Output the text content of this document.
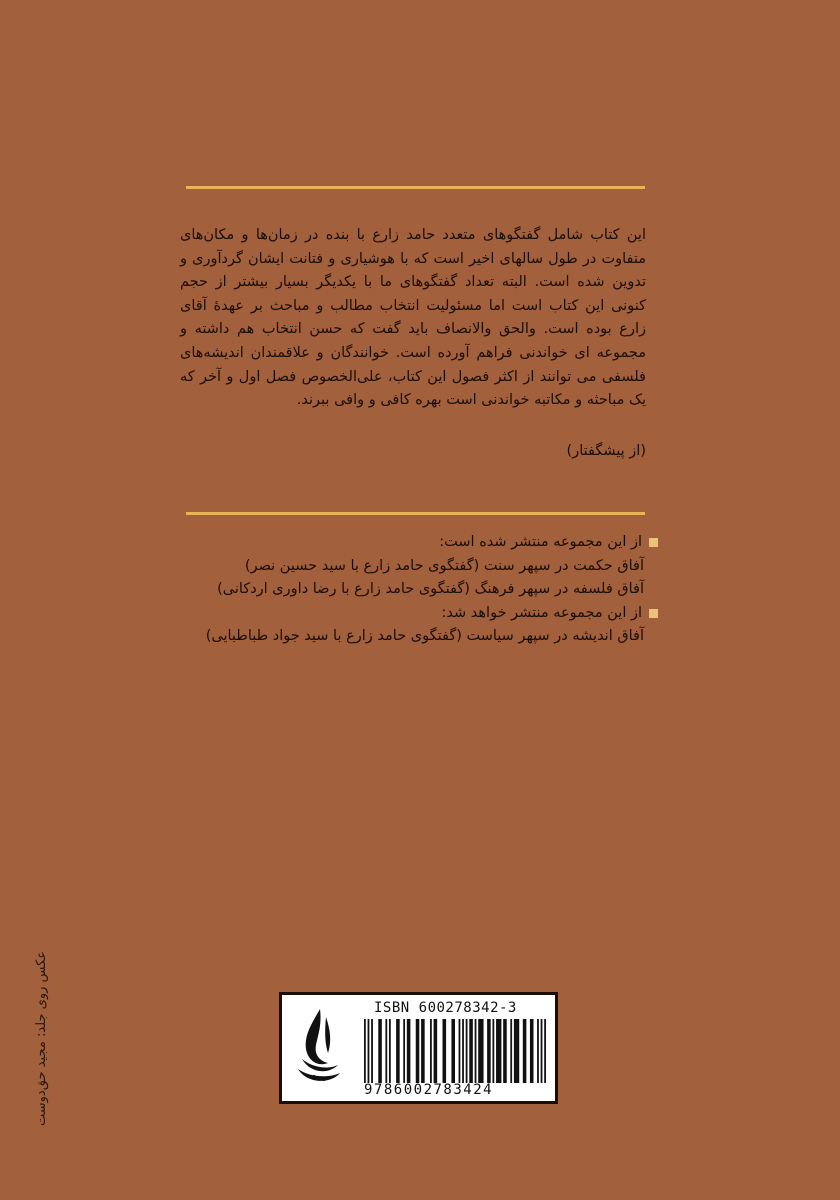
این کتاب شامل گفتگوهای متعدد حامد زارع با بنده در زمان‌ها و مکان‌های متفاوت در طول سالهای اخیر است که با هوشیاری و فتانت ایشان گردآوری و تدوین شده است. البته تعداد گفتگوهای ما با یکدیگر بسیار بیشتر از حجم کنونی این کتاب است اما مسئولیت انتخاب مطالب و مباحث بر عهدهٔ آقای زارع بوده است. والحق والانصاف باید گفت که حسن انتخاب هم داشته و مجموعه ای خواندنی فراهم آورده است. خوانندگان و علاقمندان اندیشه‌های فلسفی می توانند از اکثر فصول این کتاب، علی‌الخصوص فصل اول و آخر که یک مباحثه و مکاتبه خواندنی است بهره کافی و وافی ببرند.

(از پیشگفتار)
از این مجموعه منتشر شده است:
آفاق حکمت در سپهر سنت (گفتگوی حامد زارع با سید حسین نصر)
آفاق فلسفه در سپهر فرهنگ (گفتگوی حامد زارع با رضا داوری اردکانی)
از این مجموعه منتشر خواهد شد:
آفاق اندیشه در سپهر سیاست (گفتگوی حامد زارع با سید جواد طباطبایی)
عکس روی جلد: مجید حق‌دوست	ISBN 600278342-3
9786002783424
